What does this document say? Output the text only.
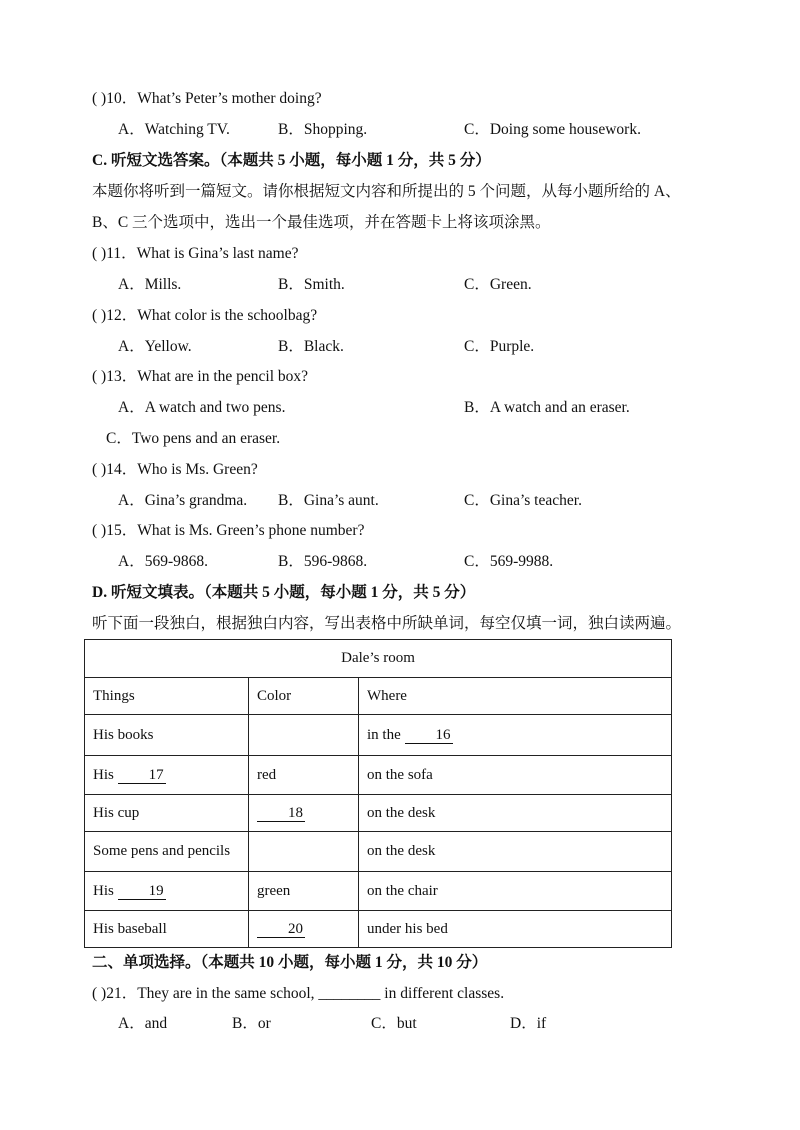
( )10．What’s Peter’s mother doing?
A．Watching TV.	B．Shopping.	C．Doing some housework.
C. 听短文选答案。（本题共 5 小题，每小题 1 分，共 5 分）
本题你将听到一篇短文。请你根据短文内容和所提出的 5 个问题，从每小题所给的 A、
B、C 三个选项中，选出一个最佳选项，并在答题卡上将该项涂黑。
( )11．What is Gina’s last name?
A．Mills.	B．Smith.	C．Green.
( )12．What color is the schoolbag?
A．Yellow.	B．Black.	C．Purple.
( )13．What are in the pencil box?
A．A watch and two pens.	B．A watch and an eraser.
C．Two pens and an eraser.
( )14．Who is Ms. Green?
A．Gina’s grandma. B．Gina’s aunt.	C．Gina’s teacher.
( )15．What is Ms. Green’s phone number?
A．569-9868.	B．596-9868.	C．569-9988.
D. 听短文填表。（本题共 5 小题，每小题 1 分，共 5 分）
听下面一段独白，根据独白内容，写出表格中所缺单词，每空仅填一词，独白读两遍。
Dale’s room		
Things	Color	Where
His books		in the 16
His 17	red	on the sofa
His cup	18	on the desk
Some pens and pencils		on the desk
His 19	green	on the chair
His baseball	20	under his bed
二、单项选择。（本题共 10 小题，每小题 1 分，共 10 分）
( )21．They are in the same school, ________ in different classes.
A．and	B．or	C．but	D．if
